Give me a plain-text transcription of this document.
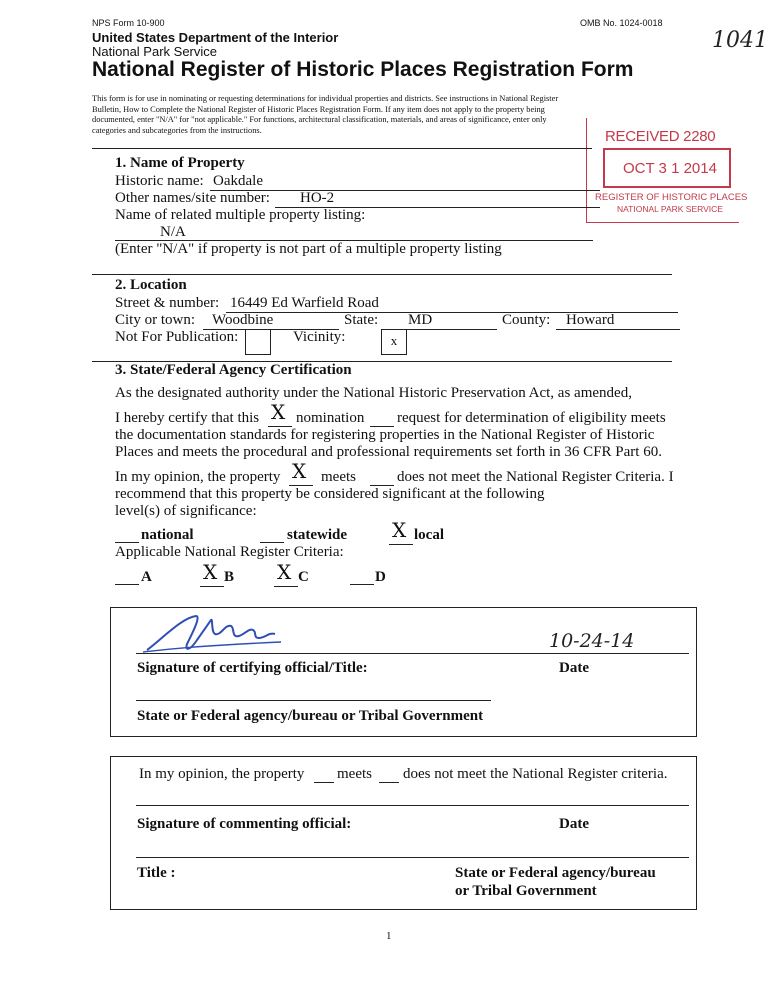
NPS Form 10-900	OMB No. 1024-0018
1041
United States Department of the Interior
National Park Service
National Register of Historic Places Registration Form
This form is for use in nominating or requesting determinations for individual properties and districts. See instructions in National Register
Bulletin, How to Complete the National Register of Historic Places Registration Form. If any item does not apply to the property being
documented, enter "N/A" for "not applicable." For functions, architectural classification, materials, and areas of significance, enter only
categories and subcategories from the instructions.	RECEIVED 2280
OCT 3 1 2014
REGISTER OF HISTORIC PLACES
NATIONAL PARK SERVICE
1. Name of Property
Historic name: Oakdale
Other names/site number: HO-2
Name of related multiple property listing:
N/A
(Enter "N/A" if property is not part of a multiple property listing
2. Location
Street & number: 16449 Ed Warfield Road
City or town: Woodbine	State: MD	County: Howard
Not For Publication:	Vicinity:	x
3. State/Federal Agency Certification
As the designated authority under the National Historic Preservation Act, as amended,
I hereby certify that this X nomination request for determination of eligibility meets
the documentation standards for registering properties in the National Register of Historic
Places and meets the procedural and professional requirements set forth in 36 CFR Part 60.
In my opinion, the property X meets	does not meet the National Register Criteria. I
recommend that this property be considered significant at the following
level(s) of significance:
national	statewide X local
Applicable National Register Criteria:
A	X B X C	D
10-24-14
Signature of certifying official/Title:	Date
State or Federal agency/bureau or Tribal Government
In my opinion, the property meets does not meet the National Register criteria.
Signature of commenting official:	Date
Title :	State or Federal agency/bureau
or Tribal Government
1
